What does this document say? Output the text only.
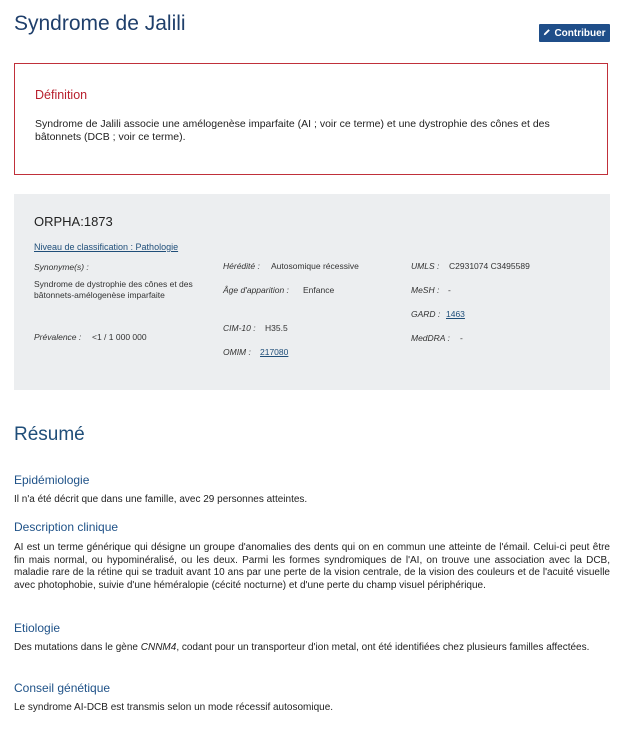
Syndrome de Jalili	Contribuer
Définition
Syndrome de Jalili associe une amélogenèse imparfaite (AI ; voir ce terme) et une dystrophie des cônes et des bâtonnets (DCB ; voir ce terme).
ORPHA:1873
Niveau de classification : Pathologie
Synonyme(s) :
Syndrome de dystrophie des cônes et des bâtonnets-amélogenèse imparfaite
Prévalence : <1 / 1 000 000
Hérédité : Autosomique récessive
Âge d'apparition : Enfance
CIM-10 : H35.5
OMIM : 217080
UMLS : C2931074 C3495589
MeSH : -
GARD : 1463
MedDRA : -
Résumé
Epidémiologie

Il n'a été décrit que dans une famille, avec 29 personnes atteintes.

Description clinique

AI est un terme générique qui désigne un groupe d'anomalies des dents qui on en commun une atteinte de l'émail. Celui-ci peut être fin mais normal, ou hypominéralisé, ou les deux. Parmi les formes syndromiques de l'AI, on trouve une association avec la DCB, maladie rare de la rétine qui se traduit avant 10 ans par une perte de la vision centrale, de la vision des couleurs et de l'acuité visuelle avec photophobie, suivie d'une héméralopie (cécité nocturne) et d'une perte du champ visuel périphérique.

Etiologie

Des mutations dans le gène CNNM4, codant pour un transporteur d'ion metal, ont été identifiées chez plusieurs familles affectées.

Conseil génétique

Le syndrome AI-DCB est transmis selon un mode récessif autosomique.
